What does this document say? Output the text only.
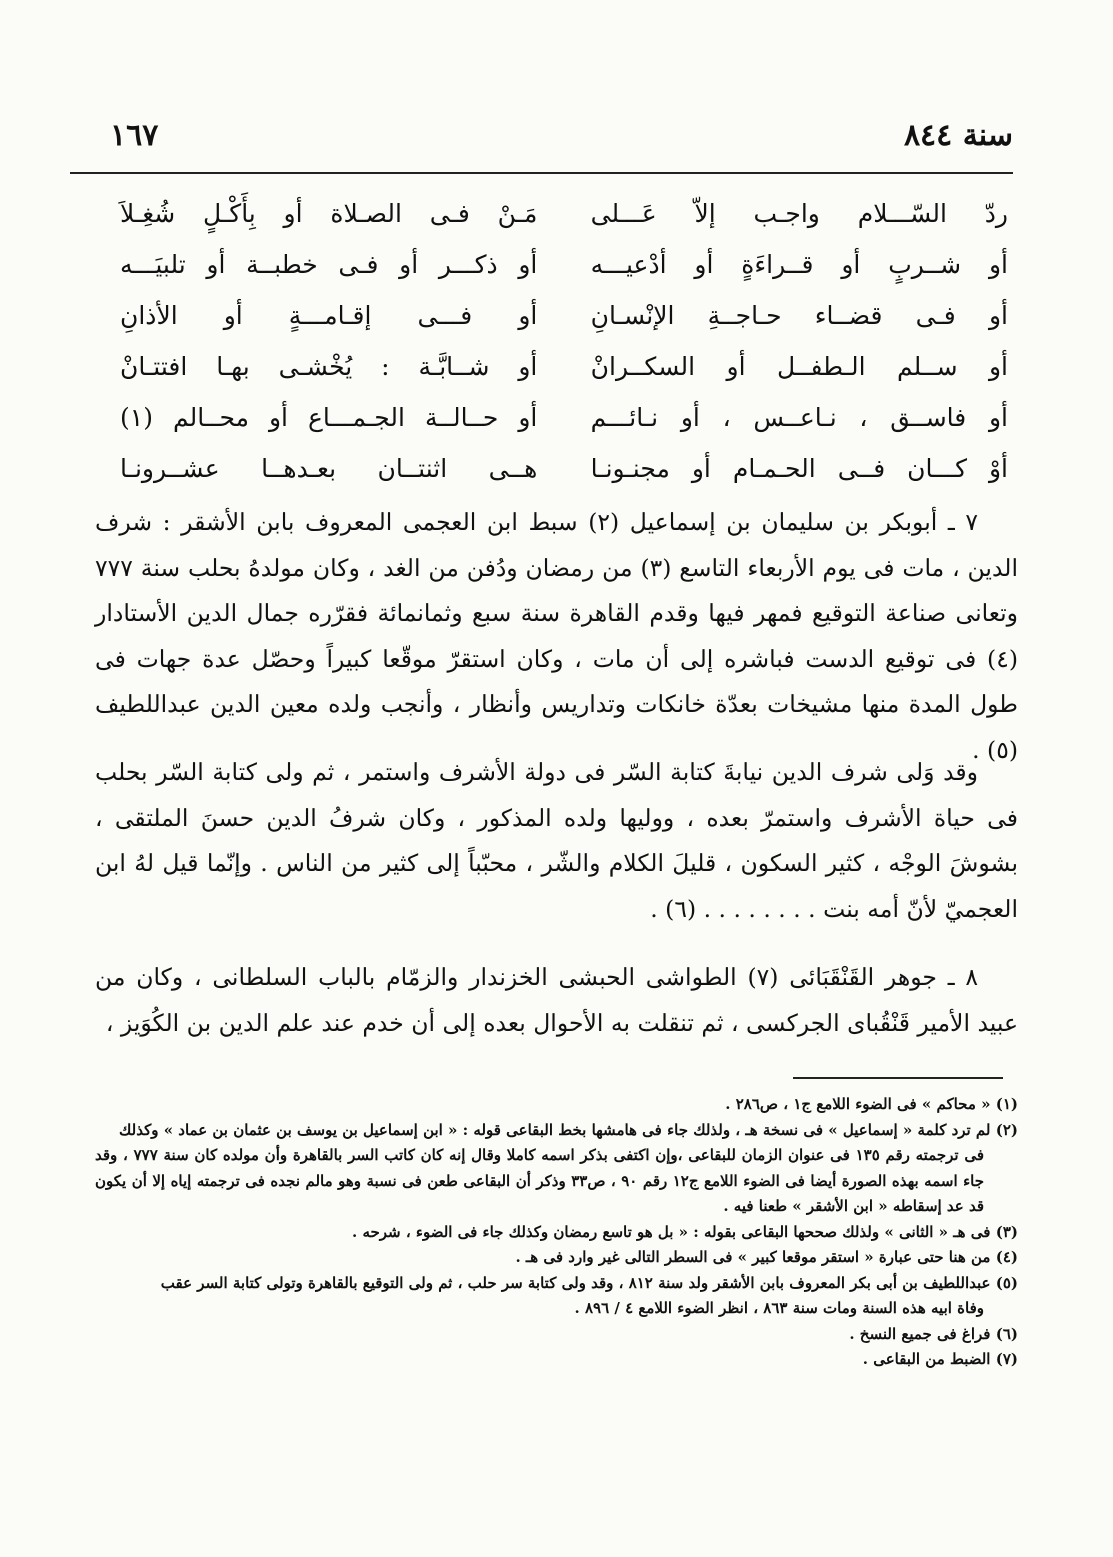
سنة ٨٤٤
١٦٧
ردّ السّـــلام واجـب إلاّ عَـــلى
مَـنْ فـى الصـلاة أو بِأَكْـلٍ شُغِـلاَ
أو شــربٍ أو قــراءَةٍ أو أدْعيـــه
أو ذكـــر أو فـى خطبــة أو تلبيَـــه
أو فـى قضــاء حـاجــةِ الإنْسـانِ
أو فـــى إقـامـــةٍ أو الأذانِ
أو ســلم الـطفــل أو السكــرانْ
أو شــابَّـة : يُخْشـى بهـا افتتـانْ
أو فاســق ، نـاعــس ، أو نـائـــم
أو حــالــة الجـمـــاع أو محــالم (١)
أوْ كـــان فــى الحـمـام أو مجنـونـا
هــى اثنتــان بعـدهــا عشــرونـا

٧ ـ أبوبكر بن سليمان بن إسماعيل (٢) سبط ابن العجمى المعروف بابن الأشقر : شرف الدين ، مات فى يوم الأربعاء التاسع (٣) من رمضان ودُفن من الغد ، وكان مولدهُ بحلب سنة ٧٧٧ وتعانى صناعة التوقيع فمهر فيها وقدم القاهرة سنة سبع وثمانمائة فقرّره جمال الدين الأستادار (٤) فى توقيع الدست فباشره إلى أن مات ، وكان استقرّ موقّعا كبيراً وحصّل عدة جهات فى طول المدة منها مشيخات بعدّة خانكات وتداريس وأنظار ، وأنجب ولده معين الدين عبداللطيف (٥) .

وقد وَلى شرف الدين نيابةَ كتابة السّر فى دولة الأشرف واستمر ، ثم ولى كتابة السّر بحلب فى حياة الأشرف واستمرّ بعده ، ووليها ولده المذكور ، وكان شرفُ الدين حسنَ الملتقى ، بشوشَ الوجْه ، كثير السكون ، قليلَ الكلام والشّر ، محبّباً إلى كثير من الناس . وإنّما قيل لهُ ابن العجميّ لأنّ أمه بنت . . . . . . . . (٦) .

٨ ـ جوهر القَنْقَبَائى (٧) الطواشى الحبشى الخزندار والزمّام بالباب السلطانى ، وكان من عبيد الأمير قَنْقُباى الجركسى ، ثم تنقلت به الأحوال بعده إلى أن خدم عند علم الدين بن الكُوَيز ،

(١) « محاكم » فى الضوء اللامع ج١ ، ص٢٨٦ .

(٢) لم ترد كلمة « إسماعيل » فى نسخة هـ ، ولذلك جاء فى هامشها بخط البقاعى قوله : « ابن إسماعيل بن يوسف بن عثمان بن عماد » وكذلك
فى ترجمته رقم ١٣٥ فى عنوان الزمان للبقاعى ،وإن اكتفى بذكر اسمه كاملا وقال إنه كان كاتب السر بالقاهرة وأن مولده كان سنة ٧٧٧ ، وقد جاء اسمه بهذه الصورة أيضا فى الضوء اللامع ج١٢ رقم ٩٠ ، ص٣٣ وذكر أن البقاعى طعن فى نسبة وهو مالم نجده فى ترجمته إياه إلا أن يكون قد عد إسقاطه « ابن الأشقر » طعنا فيه .

(٣) فى هـ « الثانى » ولذلك صححها البقاعى بقوله : « بل هو تاسع رمضان وكذلك جاء فى الضوء ، شرحه .

(٤) من هنا حتى عبارة « استقر موقعا كبير » فى السطر التالى غير وارد فى هـ .

(٥) عبداللطيف بن أبى بكر المعروف بابن الأشقر ولد سنة ٨١٢ ، وقد ولى كتابة سر حلب ، ثم ولى التوقيع بالقاهرة وتولى كتابة السر عقب
وفاة ابيه هذه السنة ومات سنة ٨٦٣ ، انظر الضوء اللامع ٤ / ٨٩٦ .

(٦) فراغ فى جميع النسخ .

(٧) الضبط من البقاعى .
